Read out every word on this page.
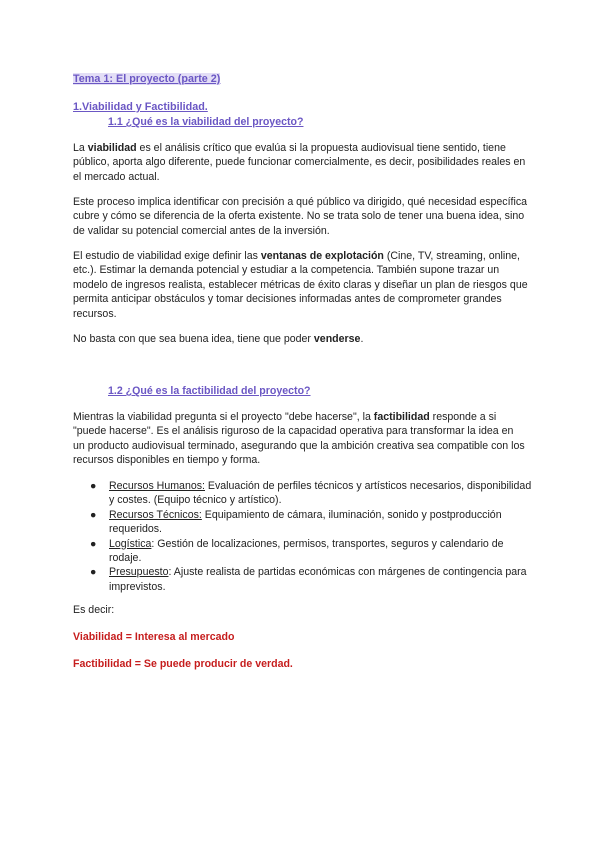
Tema 1: El proyecto (parte 2)

1.Viabilidad y Factibilidad.

1.1 ¿Qué es la viabilidad del proyecto?

La viabilidad es el análisis crítico que evalúa si la propuesta audiovisual tiene sentido, tiene público, aporta algo diferente, puede funcionar comercialmente, es decir, posibilidades reales en el mercado actual.

Este proceso implica identificar con precisión a qué público va dirigido, qué necesidad específica cubre y cómo se diferencia de la oferta existente. No se trata solo de tener una buena idea, sino de validar su potencial comercial antes de la inversión.

El estudio de viabilidad exige definir las ventanas de explotación (Cine, TV, streaming, online, etc.). Estimar la demanda potencial y estudiar a la competencia. También supone trazar un modelo de ingresos realista, establecer métricas de éxito claras y diseñar un plan de riesgos que permita anticipar obstáculos y tomar decisiones informadas antes de comprometer grandes recursos.

No basta con que sea buena idea, tiene que poder venderse.

1.2 ¿Qué es la factibilidad del proyecto?

Mientras la viabilidad pregunta si el proyecto "debe hacerse", la factibilidad responde a si "puede hacerse". Es el análisis riguroso de la capacidad operativa para transformar la idea en un producto audiovisual terminado, asegurando que la ambición creativa sea compatible con los recursos disponibles en tiempo y forma.

● Recursos Humanos: Evaluación de perfiles técnicos y artísticos necesarios, disponibilidad y costes. (Equipo técnico y artístico).
● Recursos Técnicos: Equipamiento de cámara, iluminación, sonido y postproducción requeridos.
● Logística: Gestión de localizaciones, permisos, transportes, seguros y calendario de rodaje.
● Presupuesto: Ajuste realista de partidas económicas con márgenes de contingencia para imprevistos.

Es decir:

Viabilidad = Interesa al mercado

Factibilidad = Se puede producir de verdad.
